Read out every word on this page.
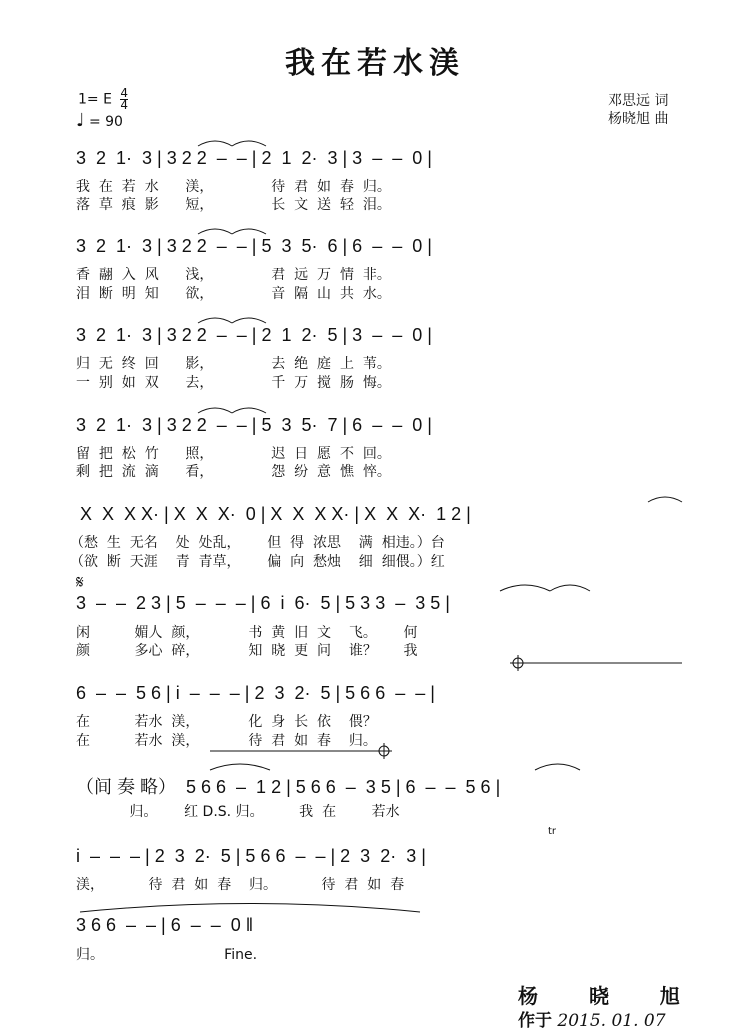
我在若水渼
1= E $\frac{4}{4}$
♩ = 90
邓思远 词
杨晓旭 曲
3  2  1·  3 | 3 2 2  –  – | 2  1  2·  3 | 3  –  –  0 |
我  在  若  水      渼，             待  君  如  春  归。
落  草  痕  影      短，             长  文  送  轻  泪。
3  2  1·  3 | 3 2 2  –  – | 5  3  5·  6 | 6  –  –  0 |
香  翮  入  风      浅，             君  远  万  情  非。
泪  断  明  知      欲，             音  隔  山  共  水。
3  2  1·  3 | 3 2 2  –  – | 2  1  2·  5 | 3  –  –  0 |
归  无  终  回      影，             去  绝  庭  上  苇。
一  别  如  双      去，             千  万  搅  肠  悔。
3  2  1·  3 | 3 2 2  –  – | 5  3  5·  7 | 6  –  –  0 |
留  把  松  竹      照，             迟  日  愿  不  回。
剩  把  流  滴      看，             怨  纷  意  憔  悴。
X  X  X X· | X  X  X·  0 | X  X  X X· | X  X  X·  1 2 |
（愁  生  无名    处  处乱，      但  得  浓思    满  相违。）台
（欲  断  天涯    青  青草，      偏  向  愁烛    细  细偎。）红
𝄋
3  –  –  2 3 | 5  –  –  – | 6  i  6·  5 | 5 3 3  –  3 5 |
闲          媚人  颜，           书  黄  旧  文    飞。      何
颜          多心  碎，           知  晓  更  问    谁？      我
6  –  –  5 6 | i  –  –  – | 2  3  2·  5 | 5 6 6  –  – |
在          若水  渼，           化  身  长  依    偎？
在          若水  渼，           待  君  如  春    归。
（间 奏 略）  5 6 6  –  1 2 | 5 6 6  –  3 5 | 6  –  –  5 6 |
归。      红 D.S. 归。        我  在        若水
tr
i  –  –  – | 2  3  2·  5 | 5 6 6  –  – | 2  3  2·  3 |
渼，          待  君  如  春    归。          待  君  如  春
3 6 6  –  – | 6  –  –  0 ‖
归。                           Fine.
杨 晓 旭
作于 2015. 01. 07
